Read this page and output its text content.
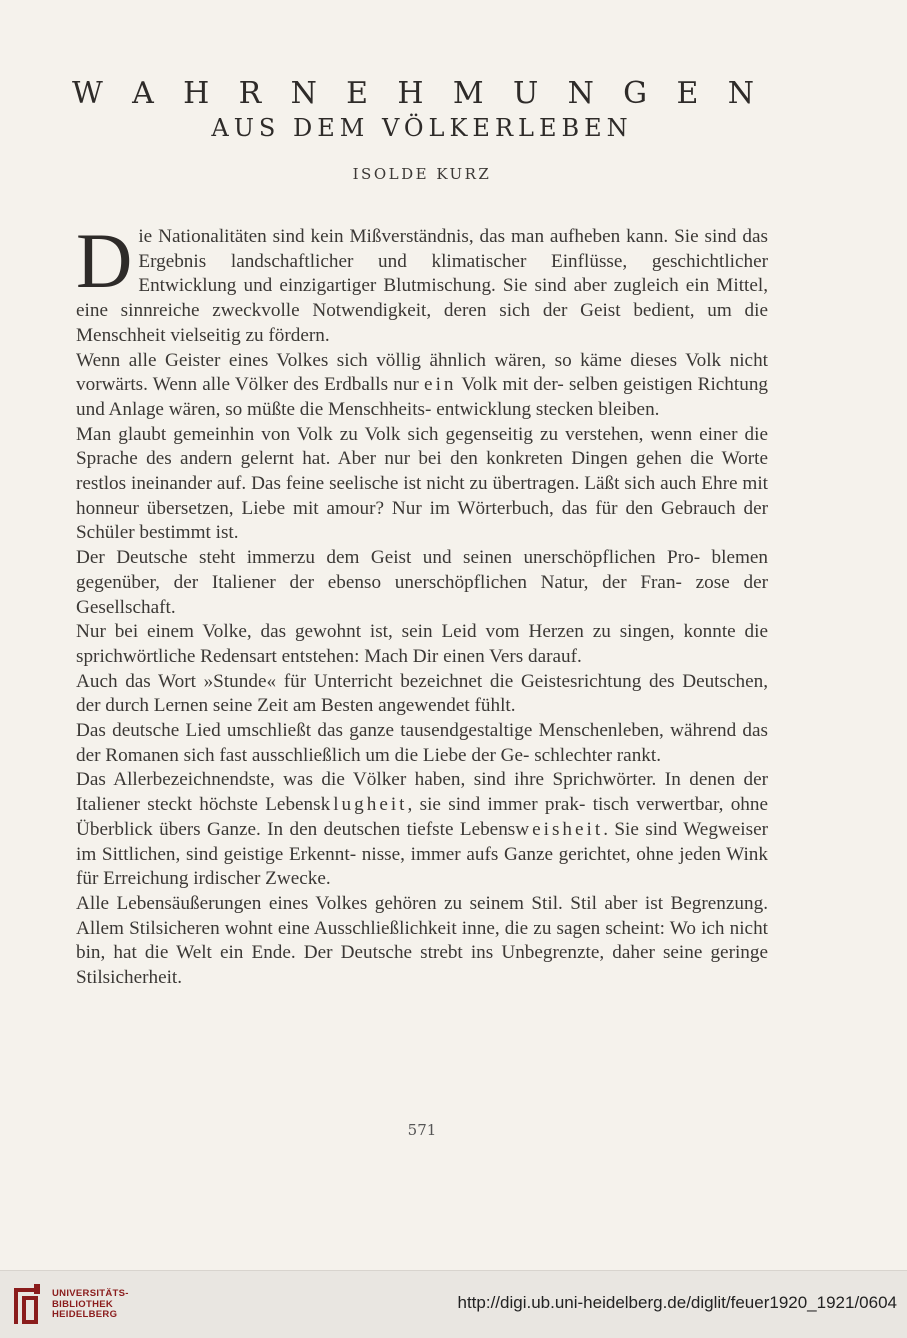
W A H R N E H M U N G E N
AUS DEM VÖLKERLEBEN
ISOLDE KURZ

Die Nationalitäten sind kein Mißverständnis, das man aufheben kann. Sie sind das Ergebnis landschaftlicher und klimatischer Einflüsse, geschichtlicher Entwicklung und einzigartiger Blutmischung. Sie sind aber zugleich ein Mittel, eine sinnreiche zweckvolle Notwendigkeit, deren sich der Geist bedient, um die Menschheit vielseitig zu fördern.

Wenn alle Geister eines Volkes sich völlig ähnlich wären, so käme dieses Volk nicht vorwärts. Wenn alle Völker des Erdballs nur ein Volk mit der- selben geistigen Richtung und Anlage wären, so müßte die Menschheits- entwicklung stecken bleiben.

Man glaubt gemeinhin von Volk zu Volk sich gegenseitig zu verstehen, wenn einer die Sprache des andern gelernt hat. Aber nur bei den konkreten Dingen gehen die Worte restlos ineinander auf. Das feine seelische ist nicht zu übertragen. Läßt sich auch Ehre mit honneur übersetzen, Liebe mit amour? Nur im Wörterbuch, das für den Gebrauch der Schüler bestimmt ist.

Der Deutsche steht immerzu dem Geist und seinen unerschöpflichen Pro- blemen gegenüber, der Italiener der ebenso unerschöpflichen Natur, der Fran- zose der Gesellschaft.

Nur bei einem Volke, das gewohnt ist, sein Leid vom Herzen zu singen, konnte die sprichwörtliche Redensart entstehen: Mach Dir einen Vers darauf.

Auch das Wort »Stunde« für Unterricht bezeichnet die Geistesrichtung des Deutschen, der durch Lernen seine Zeit am Besten angewendet fühlt.

Das deutsche Lied umschließt das ganze tausendgestaltige Menschenleben, während das der Romanen sich fast ausschließlich um die Liebe der Ge- schlechter rankt.

Das Allerbezeichnendste, was die Völker haben, sind ihre Sprichwörter. In denen der Italiener steckt höchste Lebensklugheit, sie sind immer prak- tisch verwertbar, ohne Überblick übers Ganze. In den deutschen tiefste Lebensweisheit. Sie sind Wegweiser im Sittlichen, sind geistige Erkennt- nisse, immer aufs Ganze gerichtet, ohne jeden Wink für Erreichung irdischer Zwecke.

Alle Lebensäußerungen eines Volkes gehören zu seinem Stil. Stil aber ist Begrenzung. Allem Stilsicheren wohnt eine Ausschließlichkeit inne, die zu sagen scheint: Wo ich nicht bin, hat die Welt ein Ende. Der Deutsche strebt ins Unbegrenzte, daher seine geringe Stilsicherheit.

571
UNIVERSITÄTS-
BIBLIOTHEK
HEIDELBERG
http://digi.ub.uni-heidelberg.de/diglit/feuer1920_1921/0604
